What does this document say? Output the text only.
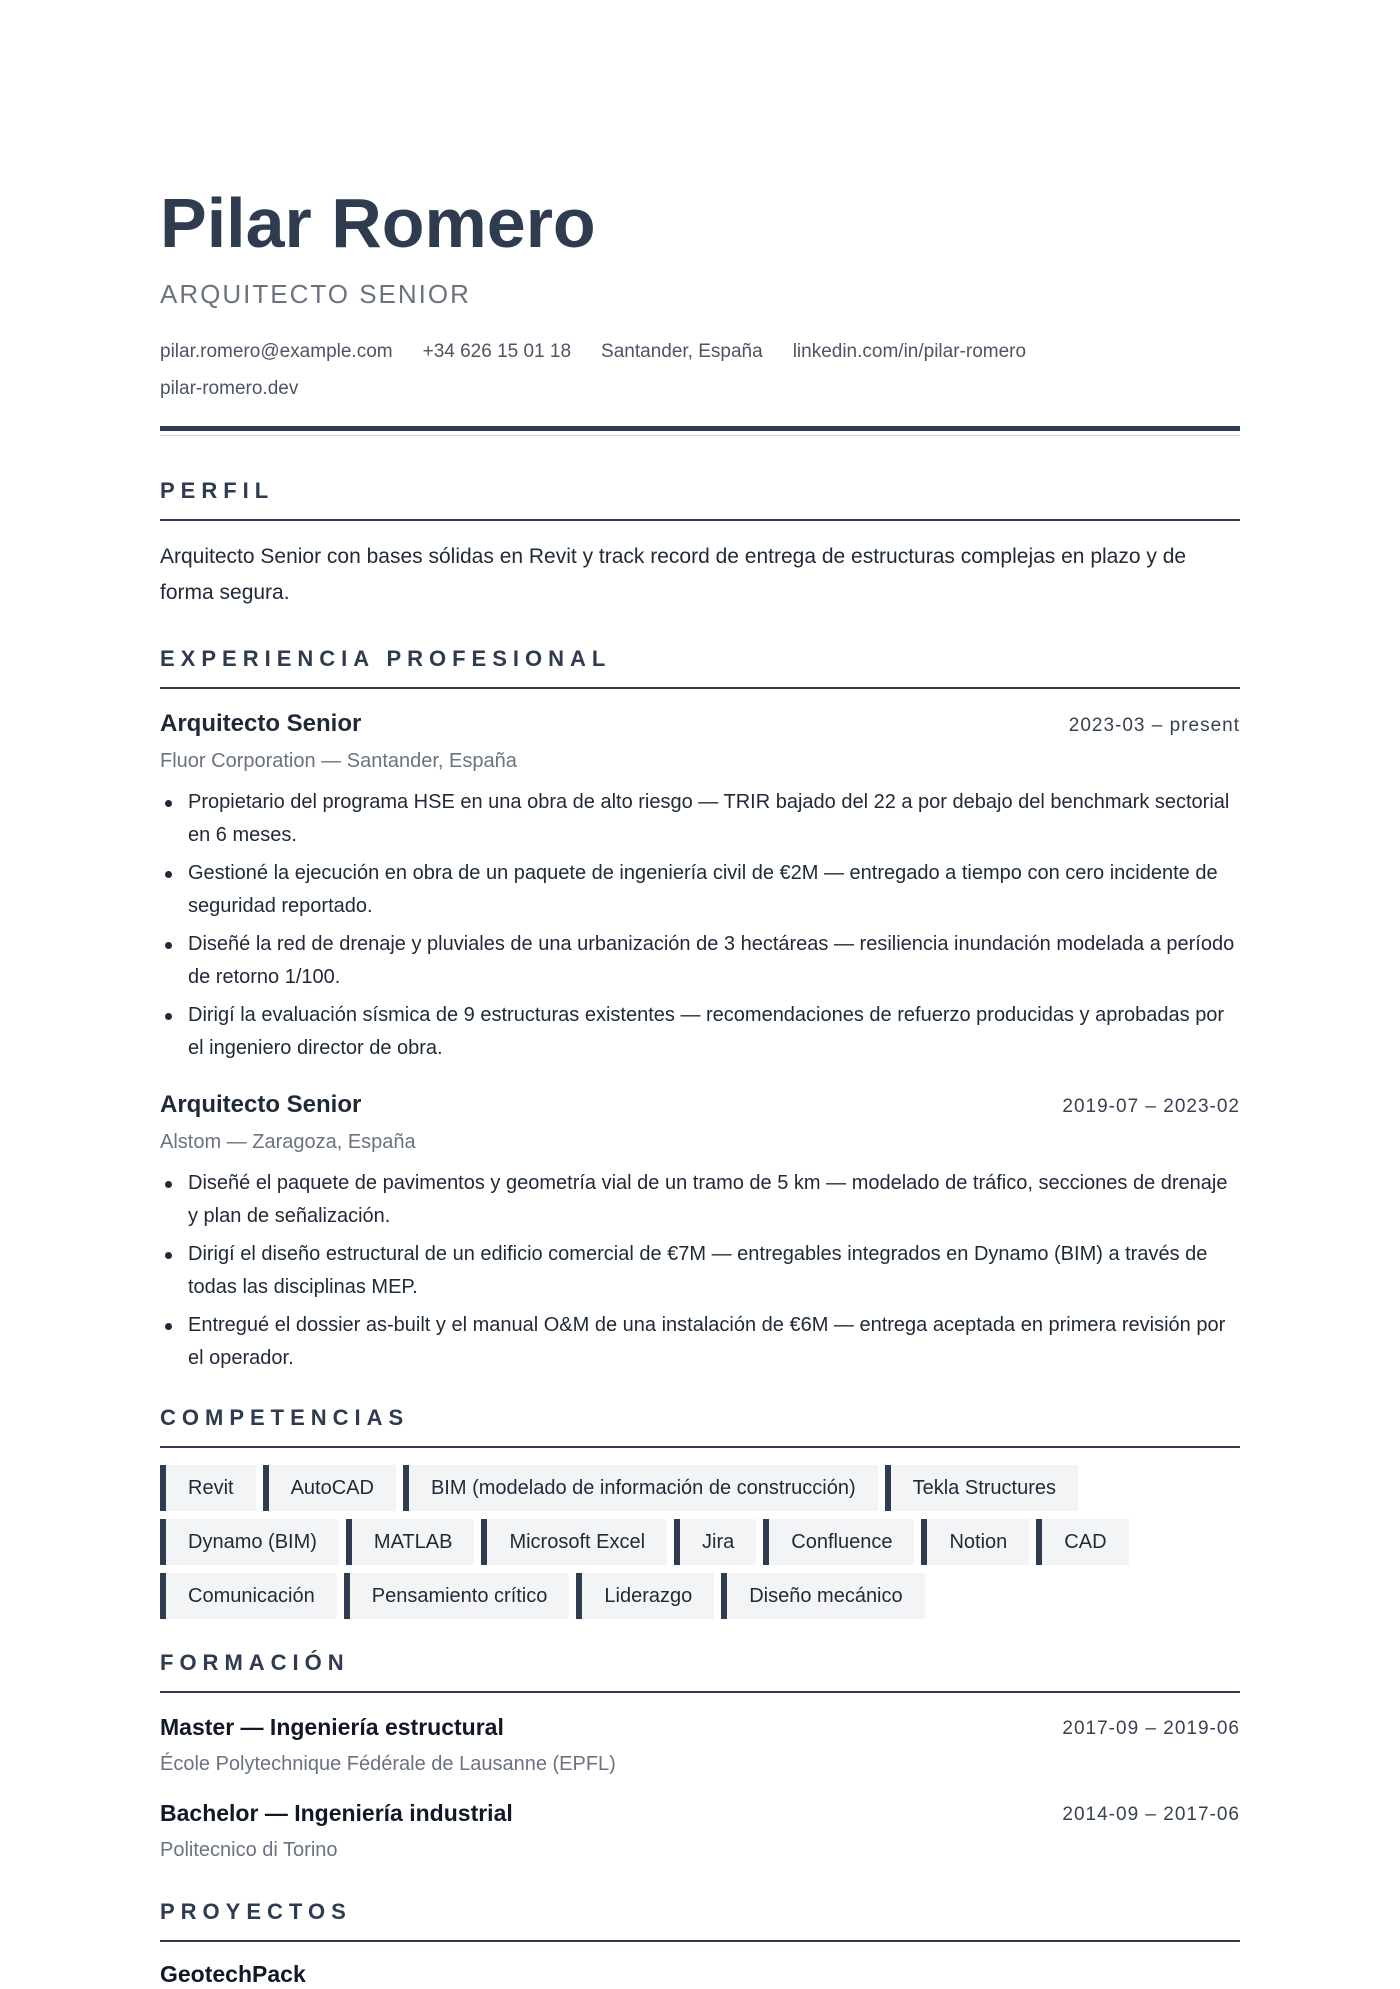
Pilar Romero
ARQUITECTO SENIOR
pilar.romero@example.com +34 626 15 01 18 Santander, España linkedin.com/in/pilar-romero
pilar-romero.dev
PERFIL
Arquitecto Senior con bases sólidas en Revit y track record de entrega de estructuras complejas en plazo y de forma segura.
EXPERIENCIA PROFESIONAL
Arquitecto Senior	2023-03 – present
Fluor Corporation — Santander, España
Propietario del programa HSE en una obra de alto riesgo — TRIR bajado del 22 a por debajo del benchmark sectorial en 6 meses.
Gestioné la ejecución en obra de un paquete de ingeniería civil de €2M — entregado a tiempo con cero incidente de seguridad reportado.
Diseñé la red de drenaje y pluviales de una urbanización de 3 hectáreas — resiliencia inundación modelada a período de retorno 1/100.
Dirigí la evaluación sísmica de 9 estructuras existentes — recomendaciones de refuerzo producidas y aprobadas por el ingeniero director de obra.
Arquitecto Senior	2019-07 – 2023-02
Alstom — Zaragoza, España
Diseñé el paquete de pavimentos y geometría vial de un tramo de 5 km — modelado de tráfico, secciones de drenaje y plan de señalización.
Dirigí el diseño estructural de un edificio comercial de €7M — entregables integrados en Dynamo (BIM) a través de todas las disciplinas MEP.
Entregué el dossier as-built y el manual O&M de una instalación de €6M — entrega aceptada en primera revisión por el operador.
COMPETENCIAS
Revit	AutoCAD	BIM (modelado de información de construcción)	Tekla Structures
Dynamo (BIM)	MATLAB	Microsoft Excel	Jira	Confluence	Notion	CAD
Comunicación	Pensamiento crítico	Liderazgo	Diseño mecánico
FORMACIÓN
Master — Ingeniería estructural	2017-09 – 2019-06
École Polytechnique Fédérale de Lausanne (EPFL)
Bachelor — Ingeniería industrial	2014-09 – 2017-06
Politecnico di Torino
PROYECTOS
GeotechPack
